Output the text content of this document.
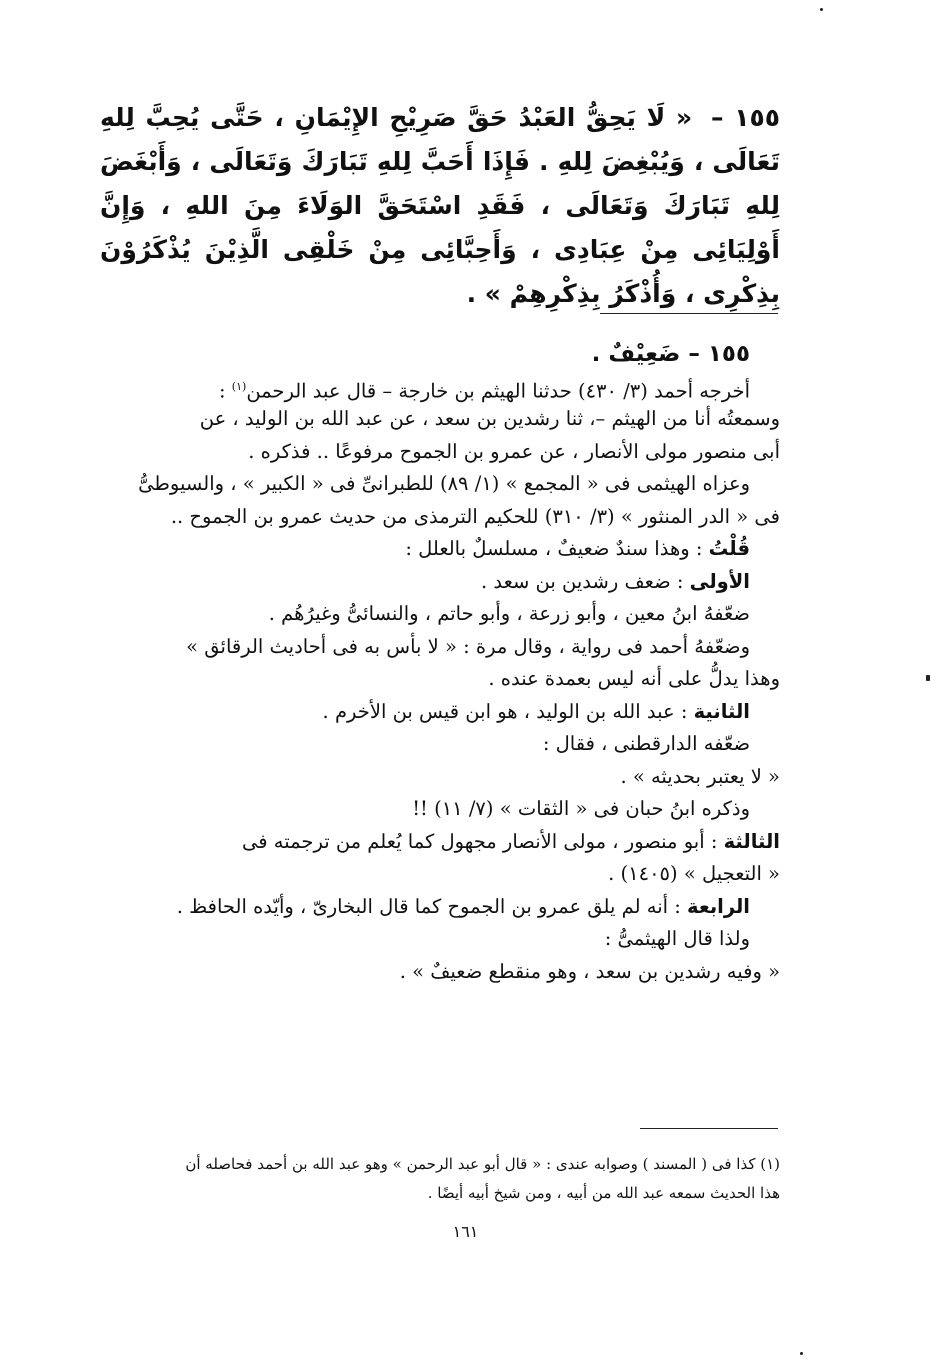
١٥٥ – « لَا يَحِقُّ العَبْدُ حَقَّ صَرِيْحِ الإِيْمَانِ ، حَتَّى يُحِبَّ لِلهِ تَعَالَى ، وَيُبْغِضَ لِلهِ . فَإِذَا أَحَبَّ لِلهِ تَبَارَكَ وَتَعَالَى ، وَأَبْغَضَ لِلهِ تَبَارَكَ وَتَعَالَى ، فَقَدِ اسْتَحَقَّ الوَلَاءَ مِنَ اللهِ ، وَإِنَّ أَوْلِيَائِى مِنْ عِبَادِى ، وَأَحِبَّائِى مِنْ خَلْقِى الَّذِيْنَ يُذْكَرُوْنَ بِذِكْرِى ، وَأُذْكَرُ بِذِكْرِهِمْ » .
١٥٥ – ضَعِيْفٌ .
أخرجه أحمد (٣/ ٤٣٠) حدثنا الهيثم بن خارجة – قال عبد الرحمن$^{(١)}$ :
وسمعتُه أنا من الهيثم –، ثنا رشدين بن سعد ، عن عبد الله بن الوليد ، عن
أبى منصور مولى الأنصار ، عن عمرو بن الجموح مرفوعًا .. فذكره .
وعزاه الهيثمى فى « المجمع » (١/ ٨٩) للطبرانىِّ فى « الكبير » ، والسيوطىُّ
فى « الدر المنثور » (٣/ ٣١٠) للحكيم الترمذى من حديث عمرو بن الجموح ..
قُلْتُ : وهذا سندٌ ضعيفٌ ، مسلسلٌ بالعلل :
الأولى : ضعف رشدين بن سعد .
ضعّفهُ ابنُ معين ، وأبو زرعة ، وأبو حاتم ، والنسائىُّ وغيرُهُم .
وضعّفهُ أحمد فى رواية ، وقال مرة : « لا بأس به فى أحاديث الرقائق »
وهذا يدلُّ على أنه ليس بعمدة عنده .
الثانية : عبد الله بن الوليد ، هو ابن قيس بن الأخرم .
ضعّفه الدارقطنى ، فقال :
« لا يعتبر بحديثه » .
وذكره ابنُ حبان فى « الثقات » (٧/ ١١) !!
الثالثة : أبو منصور ، مولى الأنصار مجهول كما يُعلم من ترجمته فى
« التعجيل » (١٤٠٥) .
الرابعة : أنه لم يلق عمرو بن الجموح كما قال البخارىّ ، وأيّده الحافظ .
ولذا قال الهيثمىُّ :
« وفيه رشدين بن سعد ، وهو منقطع ضعيفٌ » .
(١) كذا فى ( المسند ) وصوابه عندى : « قال أبو عبد الرحمن » وهو عبد الله بن أحمد فحاصله أن
هذا الحديث سمعه عبد الله من أبيه ، ومن شيخ أبيه أيضًا .
١٦١
